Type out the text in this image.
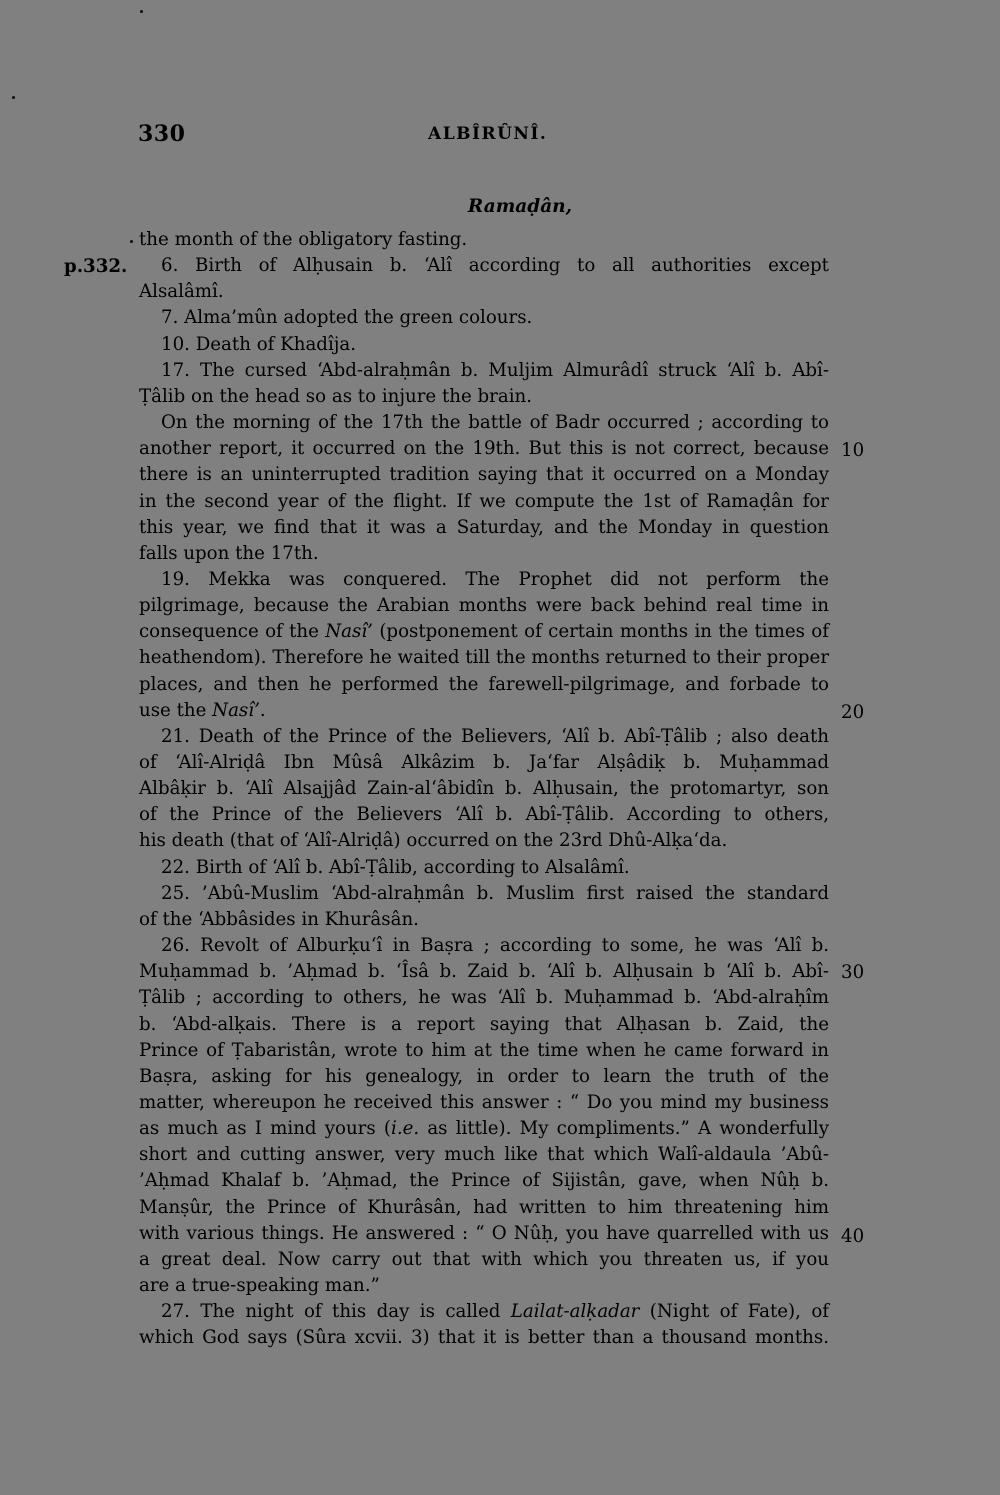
330	ALBÎRÛNÎ.
Ramaḍân,
p.332.
10
20
30
40
the month of the obligatory fasting.
6. Birth of Alḥusain b. ‘Alî according to all authorities except
Alsalâmî.
7. Alma’mûn adopted the green colours.
10. Death of Khadîja.
17. The cursed ‘Abd-alraḥmân b. Muljim Almurâdî struck ‘Alî b. Abî-
Ṭâlib on the head so as to injure the brain.
On the morning of the 17th the battle of Badr occurred ; according to
another report, it occurred on the 19th. But this is not correct, because
there is an uninterrupted tradition saying that it occurred on a Monday
in the second year of the flight. If we compute the 1st of Ramaḍân for
this year, we find that it was a Saturday, and the Monday in question
falls upon the 17th.
19. Mekka was conquered. The Prophet did not perform the
pilgrimage, because the Arabian months were back behind real time in
consequence of the Nasî’ (postponement of certain months in the times of
heathendom). Therefore he waited till the months returned to their proper
places, and then he performed the farewell-pilgrimage, and forbade to
use the Nasî’.
21. Death of the Prince of the Believers, ‘Alî b. Abî-Ṭâlib ; also death
of ‘Alî-Alriḍâ Ibn Mûsâ Alkâzim b. Ja‘far Alṣâdiḳ b. Muḥammad
Albâḳir b. ‘Alî Alsajjâd Zain-al‘âbidîn b. Alḥusain, the protomartyr, son
of the Prince of the Believers ‘Alî b. Abî-Ṭâlib. According to others,
his death (that of ‘Alî-Alriḍâ) occurred on the 23rd Dhû-Alḳa‘da.
22. Birth of ‘Alî b. Abî-Ṭâlib, according to Alsalâmî.
25. ’Abû-Muslim ‘Abd-alraḥmân b. Muslim first raised the standard
of the ‘Abbâsides in Khurâsân.
26. Revolt of Alburḳu‘î in Baṣra ; according to some, he was ‘Alî b.
Muḥammad b. ’Aḥmad b. ‘Îsâ b. Zaid b. ‘Alî b. Alḥusain b ‘Alî b. Abî-
Ṭâlib ; according to others, he was ‘Alî b. Muḥammad b. ‘Abd-alraḥîm
b. ‘Abd-alḳais. There is a report saying that Alḥasan b. Zaid, the
Prince of Ṭabaristân, wrote to him at the time when he came forward in
Baṣra, asking for his genealogy, in order to learn the truth of the
matter, whereupon he received this answer : “ Do you mind my business
as much as I mind yours (i.e. as little). My compliments.” A wonderfully
short and cutting answer, very much like that which Walî-aldaula ’Abû-
’Aḥmad Khalaf b. ’Aḥmad, the Prince of Sijistân, gave, when Nûḥ b.
Manṣûr, the Prince of Khurâsân, had written to him threatening him
with various things. He answered : “ O Nûḥ, you have quarrelled with us
a great deal. Now carry out that with which you threaten us, if you
are a true-speaking man.”
27. The night of this day is called Lailat-alḳadar (Night of Fate), of
which God says (Sûra xcvii. 3) that it is better than a thousand months.
